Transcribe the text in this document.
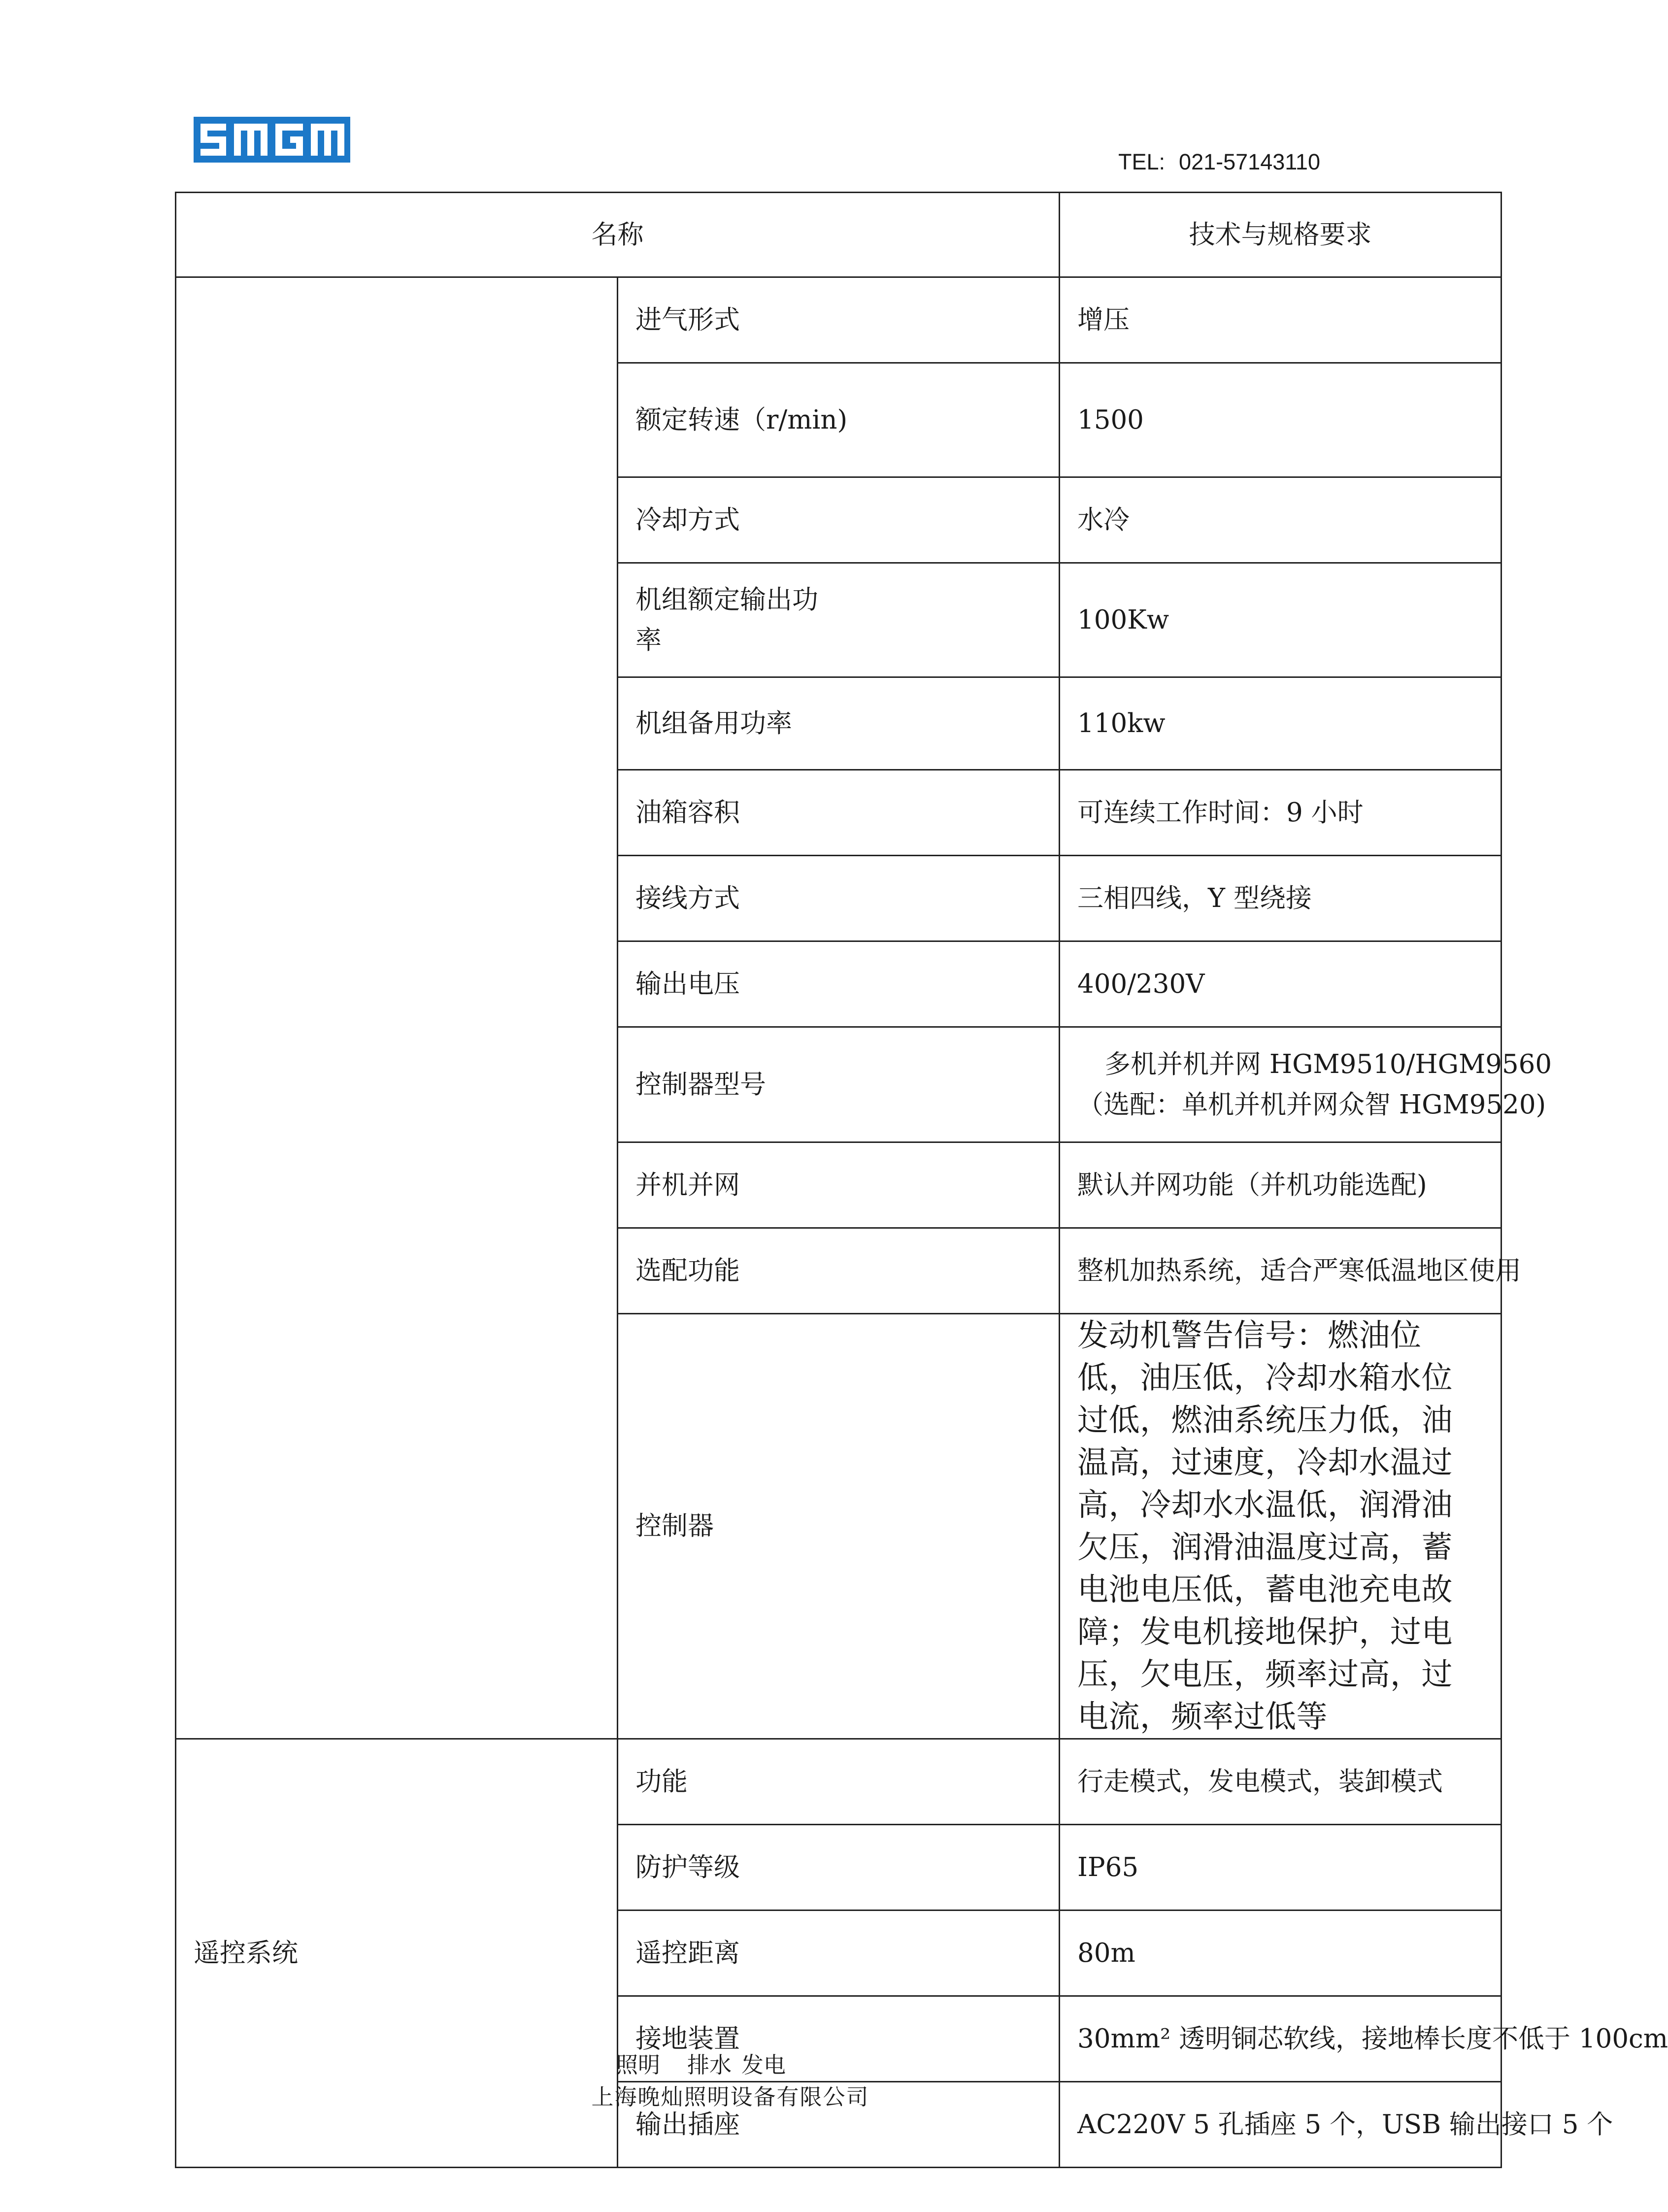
TEL: 021-57143110
名称		技术与规格要求
	进气形式	增压
	额定转速（r/min)	1500
	冷却方式	水冷

	机组额定输出功率	100Kw
	机组备用功率	110kw
	油箱容积	可连续工作时间：9 小时
	接线方式	三相四线，Y 型绕接
	输出电压	400/230V
	控制器型号	多机并机并网 HGM9510/HGM9560
（选配：单机并机并网众智 HGM9520)

	并机并网	默认并网功能（并机功能选配)
	选配功能	整机加热系统，适合严寒低温地区使用
	控制器	发动机警告信号：燃油位低，油压低，冷却水箱水位过低，燃油系统压力低，油温高，过速度，冷却水温过高，冷却水水温低，润滑油欠压，润滑油温度过高，蓄电池电压低，蓄电池充电故障；发电机接地保护，过电压，欠电压，频率过高，过电流，频率过低等

遥控系统	功能	行走模式，发电模式，装卸模式
	防护等级	IP65
	遥控距离	80m
	接地装置	30mm² 透明铜芯软线，接地棒长度不低于 100cm
	输出插座	AC220V 5 孔插座 5 个，USB 输出接口 5 个
照明 排水 发电
上海晚灿照明设备有限公司
